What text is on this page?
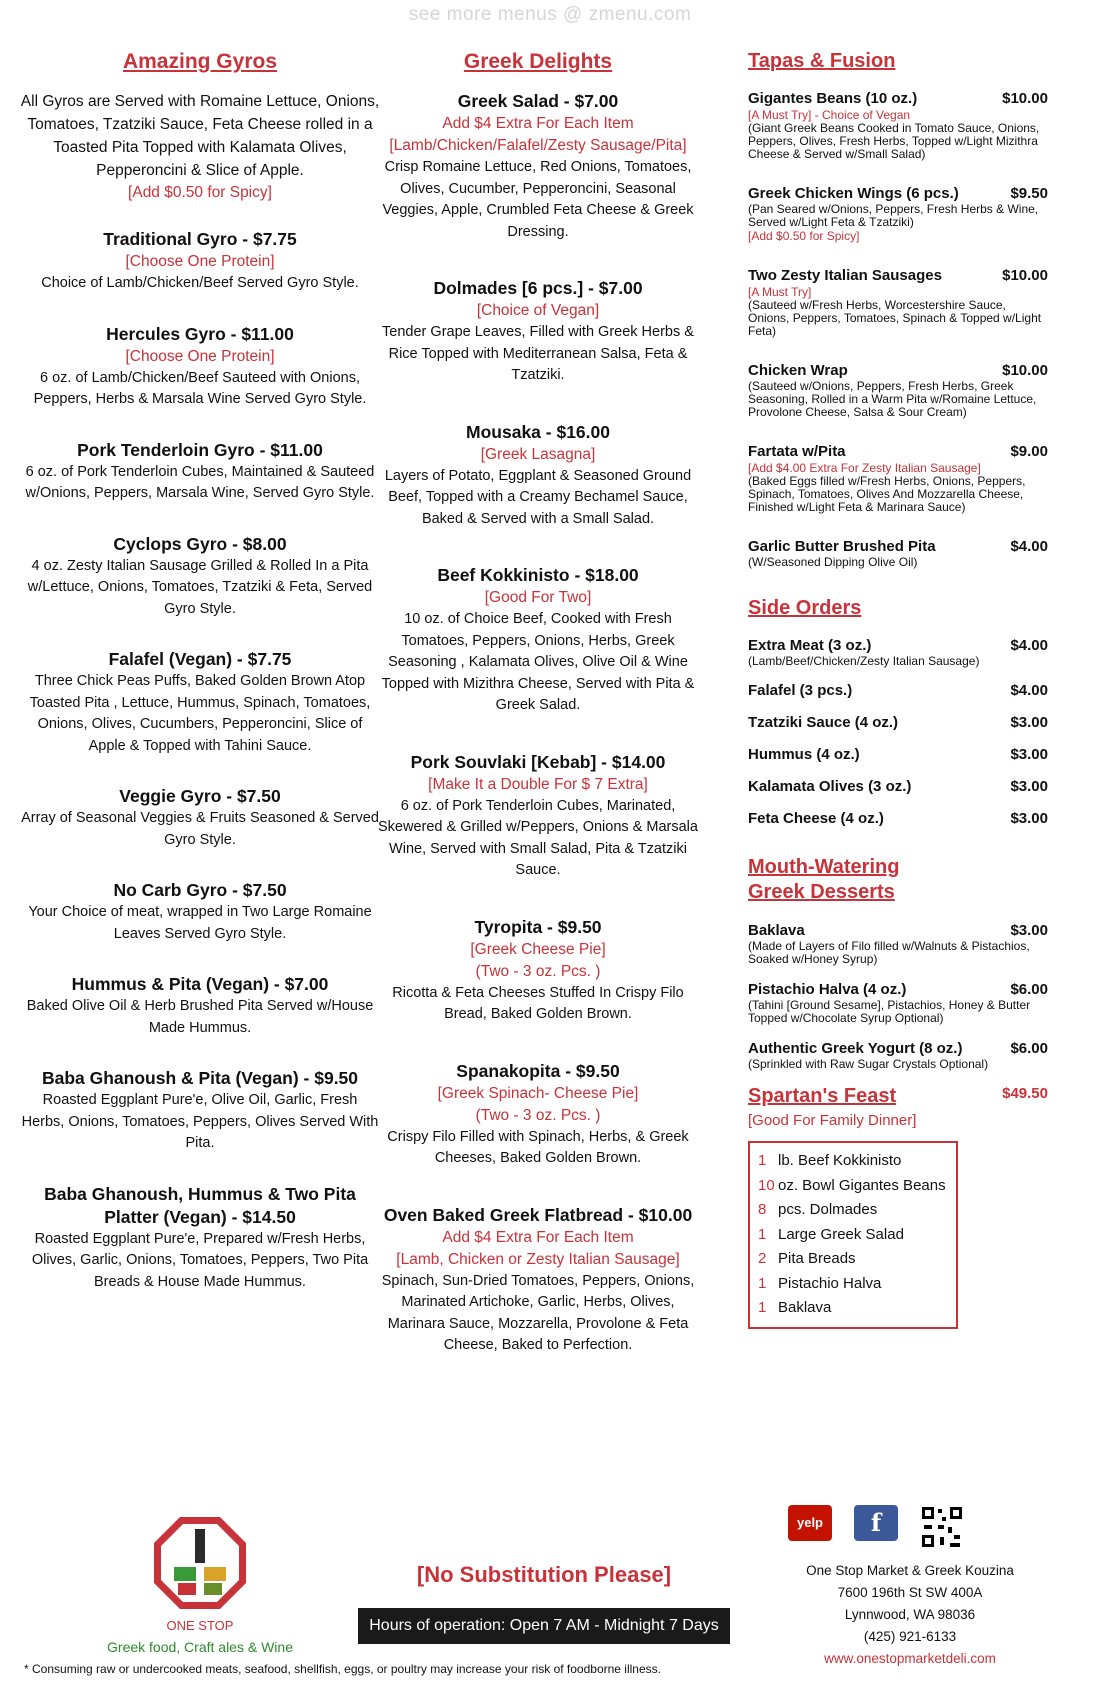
see more menus @ zmenu.com
Amazing Gyros
All Gyros are Served with Romaine Lettuce, Onions, Tomatoes, Tzatziki Sauce, Feta Cheese rolled in a Toasted Pita Topped with Kalamata Olives, Pepperoncini & Slice of Apple.
[Add $0.50 for Spicy]
Traditional Gyro - $7.75
[Choose One Protein]
Choice of Lamb/Chicken/Beef Served Gyro Style.
Hercules Gyro - $11.00
[Choose One Protein]
6 oz. of Lamb/Chicken/Beef Sauteed with Onions, Peppers, Herbs & Marsala Wine Served Gyro Style.
Pork Tenderloin Gyro - $11.00
6 oz. of Pork Tenderloin Cubes, Maintained & Sauteed w/Onions, Peppers, Marsala Wine, Served Gyro Style.
Cyclops Gyro - $8.00
4 oz. Zesty Italian Sausage Grilled & Rolled In a Pita w/Lettuce, Onions, Tomatoes, Tzatziki & Feta, Served Gyro Style.
Falafel (Vegan) - $7.75
Three Chick Peas Puffs, Baked Golden Brown Atop Toasted Pita , Lettuce, Hummus, Spinach, Tomatoes, Onions, Olives, Cucumbers, Pepperoncini, Slice of Apple & Topped with Tahini Sauce.
Veggie Gyro - $7.50
Array of Seasonal Veggies & Fruits Seasoned & Served Gyro Style.
No Carb Gyro - $7.50
Your Choice of meat, wrapped in Two Large Romaine Leaves Served Gyro Style.
Hummus & Pita (Vegan) - $7.00
Baked Olive Oil & Herb Brushed Pita Served w/House Made Hummus.
Baba Ghanoush & Pita (Vegan) - $9.50
Roasted Eggplant Pure'e, Olive Oil, Garlic, Fresh Herbs, Onions, Tomatoes, Peppers, Olives Served With Pita.
Baba Ghanoush, Hummus & Two Pita Platter (Vegan) - $14.50
Roasted Eggplant Pure'e, Prepared w/Fresh Herbs, Olives, Garlic, Onions, Tomatoes, Peppers, Two Pita Breads & House Made Hummus.
Greek Delights
Greek Salad - $7.00
Add $4 Extra For Each Item
[Lamb/Chicken/Falafel/Zesty Sausage/Pita]
Crisp Romaine Lettuce, Red Onions, Tomatoes, Olives, Cucumber, Pepperoncini, Seasonal Veggies, Apple, Crumbled Feta Cheese & Greek Dressing.
Dolmades [6 pcs.] - $7.00
[Choice of Vegan]
Tender Grape Leaves, Filled with Greek Herbs & Rice Topped with Mediterranean Salsa, Feta & Tzatziki.
Mousaka - $16.00
[Greek Lasagna]
Layers of Potato, Eggplant & Seasoned Ground Beef, Topped with a Creamy Bechamel Sauce, Baked & Served with a Small Salad.
Beef Kokkinisto - $18.00
[Good For Two]
10 oz. of Choice Beef, Cooked with Fresh Tomatoes, Peppers, Onions, Herbs, Greek Seasoning , Kalamata Olives, Olive Oil & Wine Topped with Mizithra Cheese, Served with Pita & Greek Salad.
Pork Souvlaki [Kebab] - $14.00
[Make It a Double For $ 7 Extra]
6 oz. of Pork Tenderloin Cubes, Marinated, Skewered & Grilled w/Peppers, Onions & Marsala Wine, Served with Small Salad, Pita & Tzatziki Sauce.
Tyropita - $9.50
[Greek Cheese Pie]
(Two - 3 oz. Pcs. )
Ricotta & Feta Cheeses Stuffed In Crispy Filo Bread, Baked Golden Brown.
Spanakopita - $9.50
[Greek Spinach- Cheese Pie]
(Two - 3 oz. Pcs. )
Crispy Filo Filled with Spinach, Herbs, & Greek Cheeses, Baked Golden Brown.
Oven Baked Greek Flatbread - $10.00
Add $4 Extra For Each Item
[Lamb, Chicken or Zesty Italian Sausage]
Spinach, Sun-Dried Tomatoes, Peppers, Onions, Marinated Artichoke, Garlic, Herbs, Olives, Marinara Sauce, Mozzarella, Provolone & Feta Cheese, Baked to Perfection.
Tapas & Fusion
Gigantes Beans (10 oz.)	$10.00
[A Must Try] - Choice of Vegan
(Giant Greek Beans Cooked in Tomato Sauce, Onions, Peppers, Olives, Fresh Herbs, Topped w/Light Mizithra Cheese & Served w/Small Salad)
Greek Chicken Wings (6 pcs.)	$9.50
(Pan Seared w/Onions, Peppers, Fresh Herbs & Wine, Served w/Light Feta & Tzatziki)
[Add $0.50 for Spicy]
Two Zesty Italian Sausages	$10.00
[A Must Try]
(Sauteed w/Fresh Herbs, Worcestershire Sauce, Onions, Peppers, Tomatoes, Spinach & Topped w/Light Feta)
Chicken Wrap	$10.00
(Sauteed w/Onions, Peppers, Fresh Herbs, Greek Seasoning, Rolled in a Warm Pita w/Romaine Lettuce, Provolone Cheese, Salsa & Sour Cream)
Fartata w/Pita	$9.00
[Add $4.00 Extra For Zesty Italian Sausage]
(Baked Eggs filled w/Fresh Herbs, Onions, Peppers, Spinach, Tomatoes, Olives And Mozzarella Cheese, Finished w/Light Feta & Marinara Sauce)
Garlic Butter Brushed Pita	$4.00
(W/Seasoned Dipping Olive Oil)
Side Orders
Extra Meat (3 oz.)	$4.00
(Lamb/Beef/Chicken/Zesty Italian Sausage)
Falafel (3 pcs.)	$4.00
Tzatziki Sauce (4 oz.)	$3.00
Hummus (4 oz.)	$3.00
Kalamata Olives (3 oz.)	$3.00
Feta Cheese (4 oz.)	$3.00
Mouth-Watering
Greek Desserts
Baklava	$3.00
(Made of Layers of Filo filled w/Walnuts & Pistachios, Soaked w/Honey Syrup)
Pistachio Halva (4 oz.)	$6.00
(Tahini [Ground Sesame], Pistachios, Honey & Butter Topped w/Chocolate Syrup Optional)
Authentic Greek Yogurt (8 oz.)	$6.00
(Sprinkled with Raw Sugar Crystals Optional)
Spartan's Feast	$49.50
[Good For Family Dinner]
1 lb. Beef Kokkinisto
10 oz. Bowl Gigantes Beans
8 pcs. Dolmades
1 Large Greek Salad
2 Pita Breads
1 Pistachio Halva
1 Baklava
ONE STOP
Greek food, Craft ales & Wine
[No Substitution Please]
Hours of operation: Open 7 AM - Midnight 7 Days
* Consuming raw or undercooked meats, seafood, shellfish, eggs, or poultry may increase your risk of foodborne illness.
yelp	f
One Stop Market & Greek Kouzina
7600 196th St SW 400A
Lynnwood, WA 98036
(425) 921-6133
www.onestopmarketdeli.com
